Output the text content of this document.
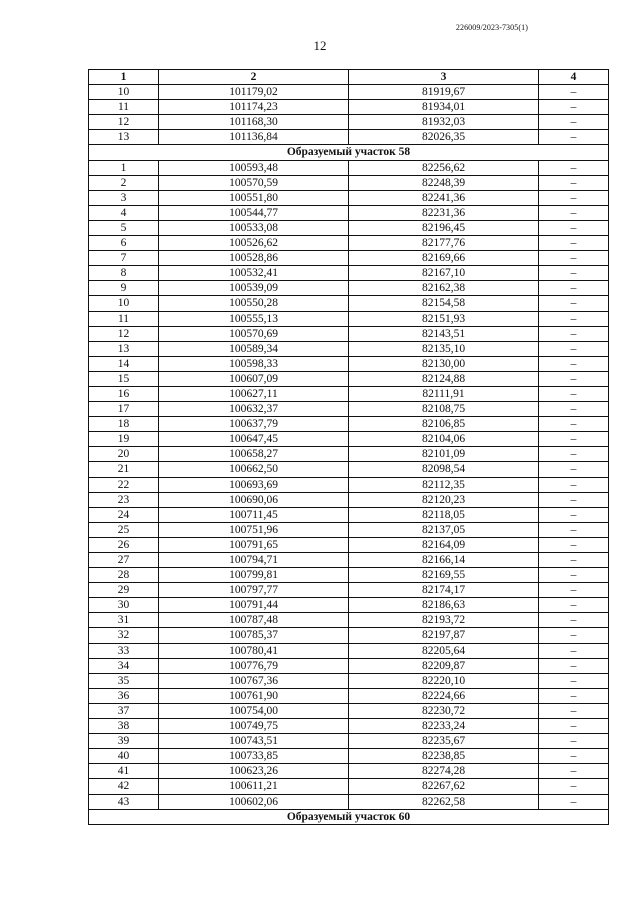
226009/2023-7305(1)
12
1	2	3	4
10	101179,02	81919,67	–
11	101174,23	81934,01	–
12	101168,30	81932,03	–
13	101136,84	82026,35	–
Образуемый участок 58			
1	100593,48	82256,62	–
2	100570,59	82248,39	–
3	100551,80	82241,36	–
4	100544,77	82231,36	–
5	100533,08	82196,45	–
6	100526,62	82177,76	–
7	100528,86	82169,66	–
8	100532,41	82167,10	–
9	100539,09	82162,38	–
10	100550,28	82154,58	–
11	100555,13	82151,93	–
12	100570,69	82143,51	–
13	100589,34	82135,10	–
14	100598,33	82130,00	–
15	100607,09	82124,88	–
16	100627,11	82111,91	–
17	100632,37	82108,75	–
18	100637,79	82106,85	–
19	100647,45	82104,06	–
20	100658,27	82101,09	–
21	100662,50	82098,54	–
22	100693,69	82112,35	–
23	100690,06	82120,23	–
24	100711,45	82118,05	–
25	100751,96	82137,05	–
26	100791,65	82164,09	–
27	100794,71	82166,14	–
28	100799,81	82169,55	–
29	100797,77	82174,17	–
30	100791,44	82186,63	–
31	100787,48	82193,72	–
32	100785,37	82197,87	–
33	100780,41	82205,64	–
34	100776,79	82209,87	–
35	100767,36	82220,10	–
36	100761,90	82224,66	–
37	100754,00	82230,72	–
38	100749,75	82233,24	–
39	100743,51	82235,67	–
40	100733,85	82238,85	–
41	100623,26	82274,28	–
42	100611,21	82267,62	–
43	100602,06	82262,58	–
Образуемый участок 60			
